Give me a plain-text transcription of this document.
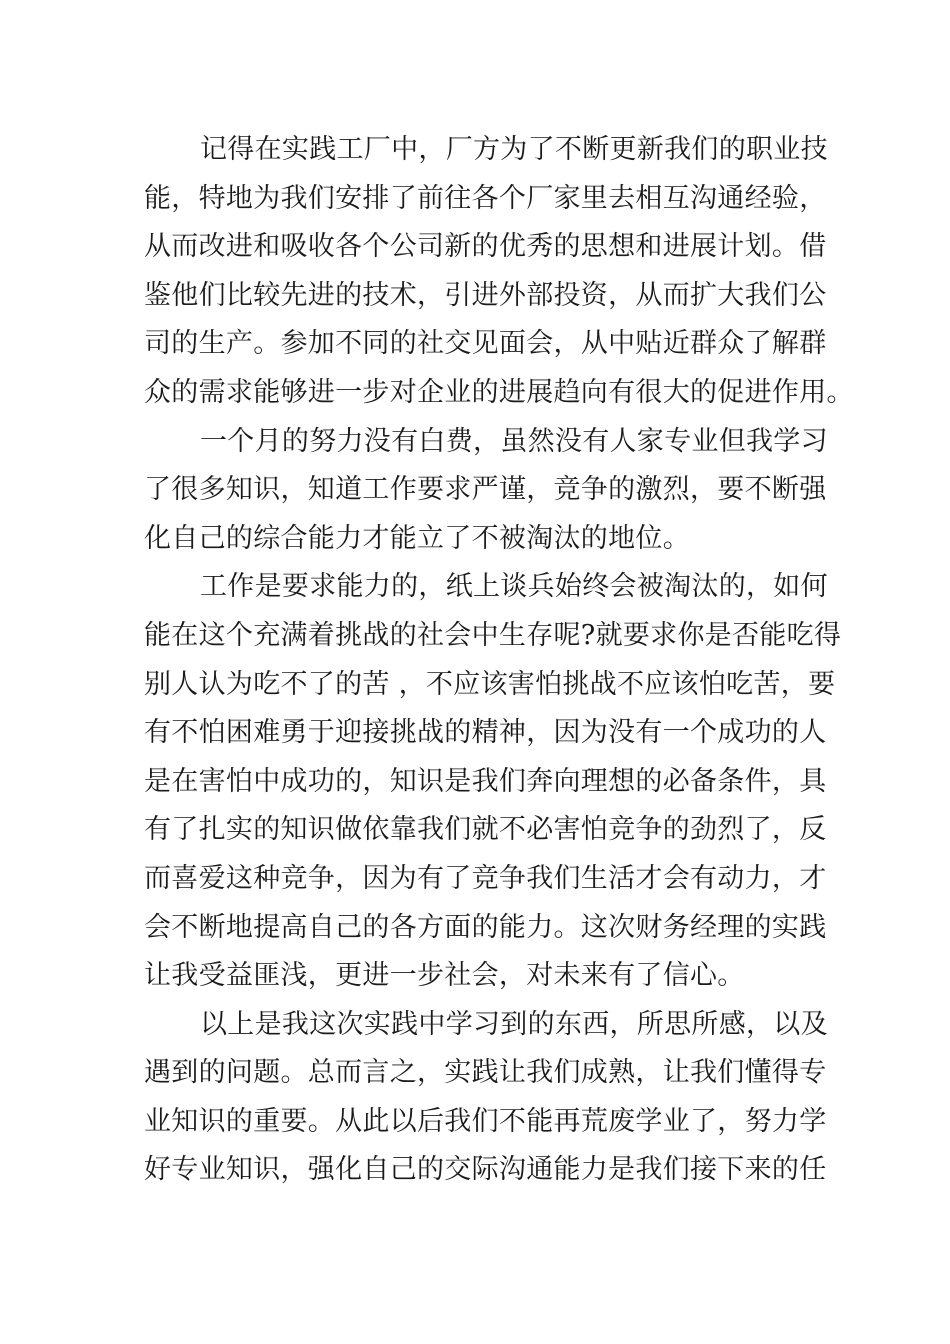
记得在实践工厂中，厂方为了不断更新我们的职业技
能，特地为我们安排了前往各个厂家里去相互沟通经验，
从而改进和吸收各个公司新的优秀的思想和进展计划。借
鉴他们比较先进的技术，引进外部投资，从而扩大我们公
司的生产。参加不同的社交见面会，从中贴近群众了解群
众的需求能够进一步对企业的进展趋向有很大的促进作用。
一个月的努力没有白费，虽然没有人家专业但我学习
了很多知识，知道工作要求严谨，竞争的激烈，要不断强
化自己的综合能力才能立了不被淘汰的地位。
工作是要求能力的，纸上谈兵始终会被淘汰的，如何
能在这个充满着挑战的社会中生存呢?就要求你是否能吃得
别人认为吃不了的苦 ，不应该害怕挑战不应该怕吃苦，要
有不怕困难勇于迎接挑战的精神，因为没有一个成功的人
是在害怕中成功的，知识是我们奔向理想的必备条件，具
有了扎实的知识做依靠我们就不必害怕竞争的劲烈了，反
而喜爱这种竞争，因为有了竞争我们生活才会有动力，才
会不断地提高自己的各方面的能力。这次财务经理的实践
让我受益匪浅，更进一步社会，对未来有了信心。
以上是我这次实践中学习到的东西，所思所感，以及
遇到的问题。总而言之，实践让我们成熟，让我们懂得专
业知识的重要。从此以后我们不能再荒废学业了，努力学
好专业知识，强化自己的交际沟通能力是我们接下来的任
